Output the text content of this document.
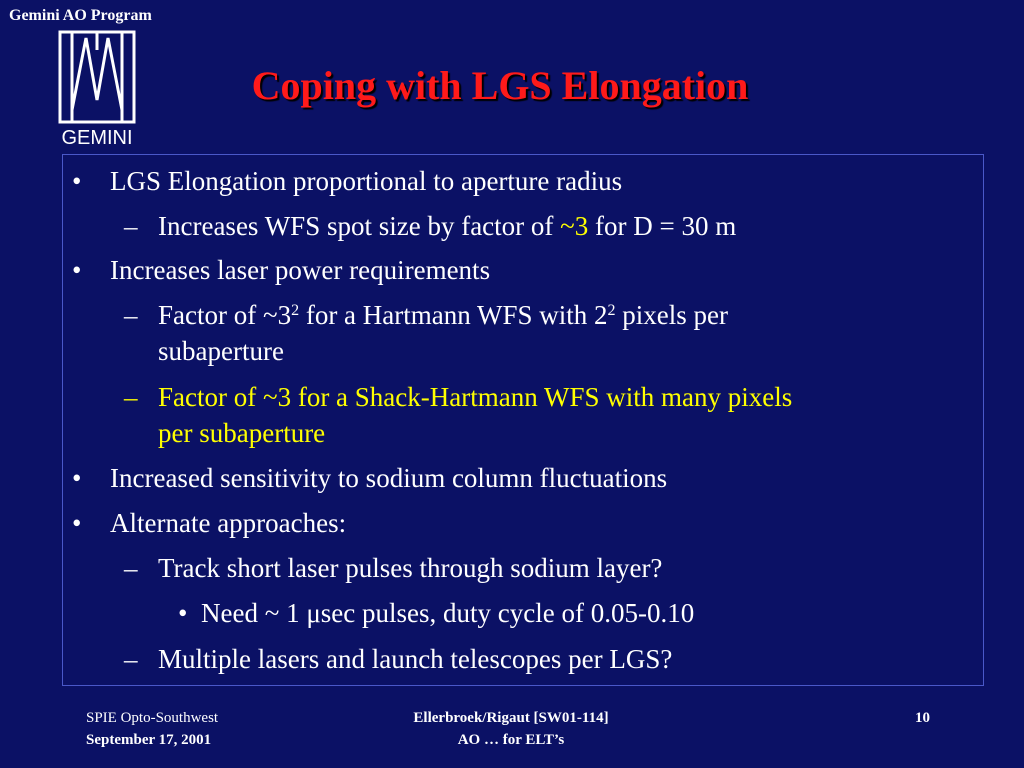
Gemini AO Program
GEMINI
Coping with LGS Elongation
• LGS Elongation proportional to aperture radius
– Increases WFS spot size by factor of ~3 for D = 30 m
• Increases laser power requirements
– Factor of $\sim 3^2$ for a Hartmann WFS with $2^2$ pixels per
subaperture
– Factor of ~3 for a Shack-Hartmann WFS with many pixels
per subaperture
• Increased sensitivity to sodium column fluctuations
• Alternate approaches:
– Track short laser pulses through sodium layer?
• Need ~ 1 μsec pulses, duty cycle of 0.05-0.10
– Multiple lasers and launch telescopes per LGS?
SPIE Opto-Southwest
September 17, 2001
Ellerbroek/Rigaut [SW01-114]
AO … for ELT’s
10
